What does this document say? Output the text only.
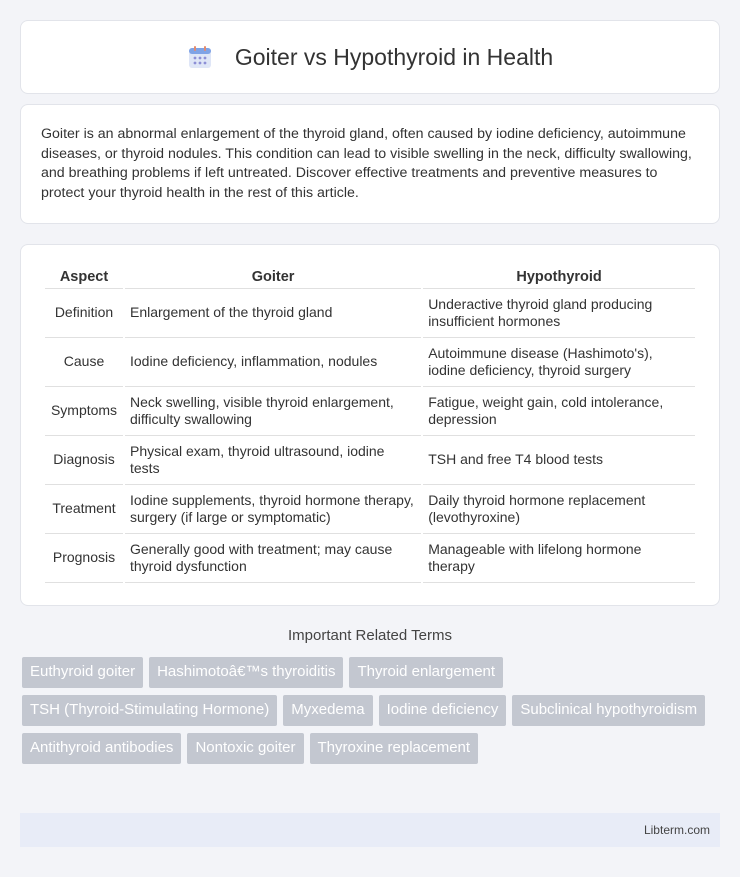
Goiter vs Hypothyroid in Health

Goiter is an abnormal enlargement of the thyroid gland, often caused by iodine deficiency, autoimmune diseases, or thyroid nodules. This condition can lead to visible swelling in the neck, difficulty swallowing, and breathing problems if left untreated. Discover effective treatments and preventive measures to protect your thyroid health in the rest of this article.

Aspect	Goiter	Hypothyroid
Definition	Enlargement of the thyroid gland	Underactive thyroid gland producing insufficient hormones
Cause	Iodine deficiency, inflammation, nodules	Autoimmune disease (Hashimoto's), iodine deficiency, thyroid surgery
Symptoms	Neck swelling, visible thyroid enlargement, difficulty swallowing	Fatigue, weight gain, cold intolerance, depression
Diagnosis	Physical exam, thyroid ultrasound, iodine tests	TSH and free T4 blood tests
Treatment	Iodine supplements, thyroid hormone therapy, surgery (if large or symptomatic)	Daily thyroid hormone replacement (levothyroxine)
Prognosis	Generally good with treatment; may cause thyroid dysfunction	Manageable with lifelong hormone therapy
Important Related Terms
Euthyroid goiter	Hashimotoâ€™s thyroiditis	Thyroid enlargement
TSH (Thyroid-Stimulating Hormone)	Myxedema	Iodine deficiency	Subclinical hypothyroidism
Antithyroid antibodies	Nontoxic goiter	Thyroxine replacement
Libterm.com
